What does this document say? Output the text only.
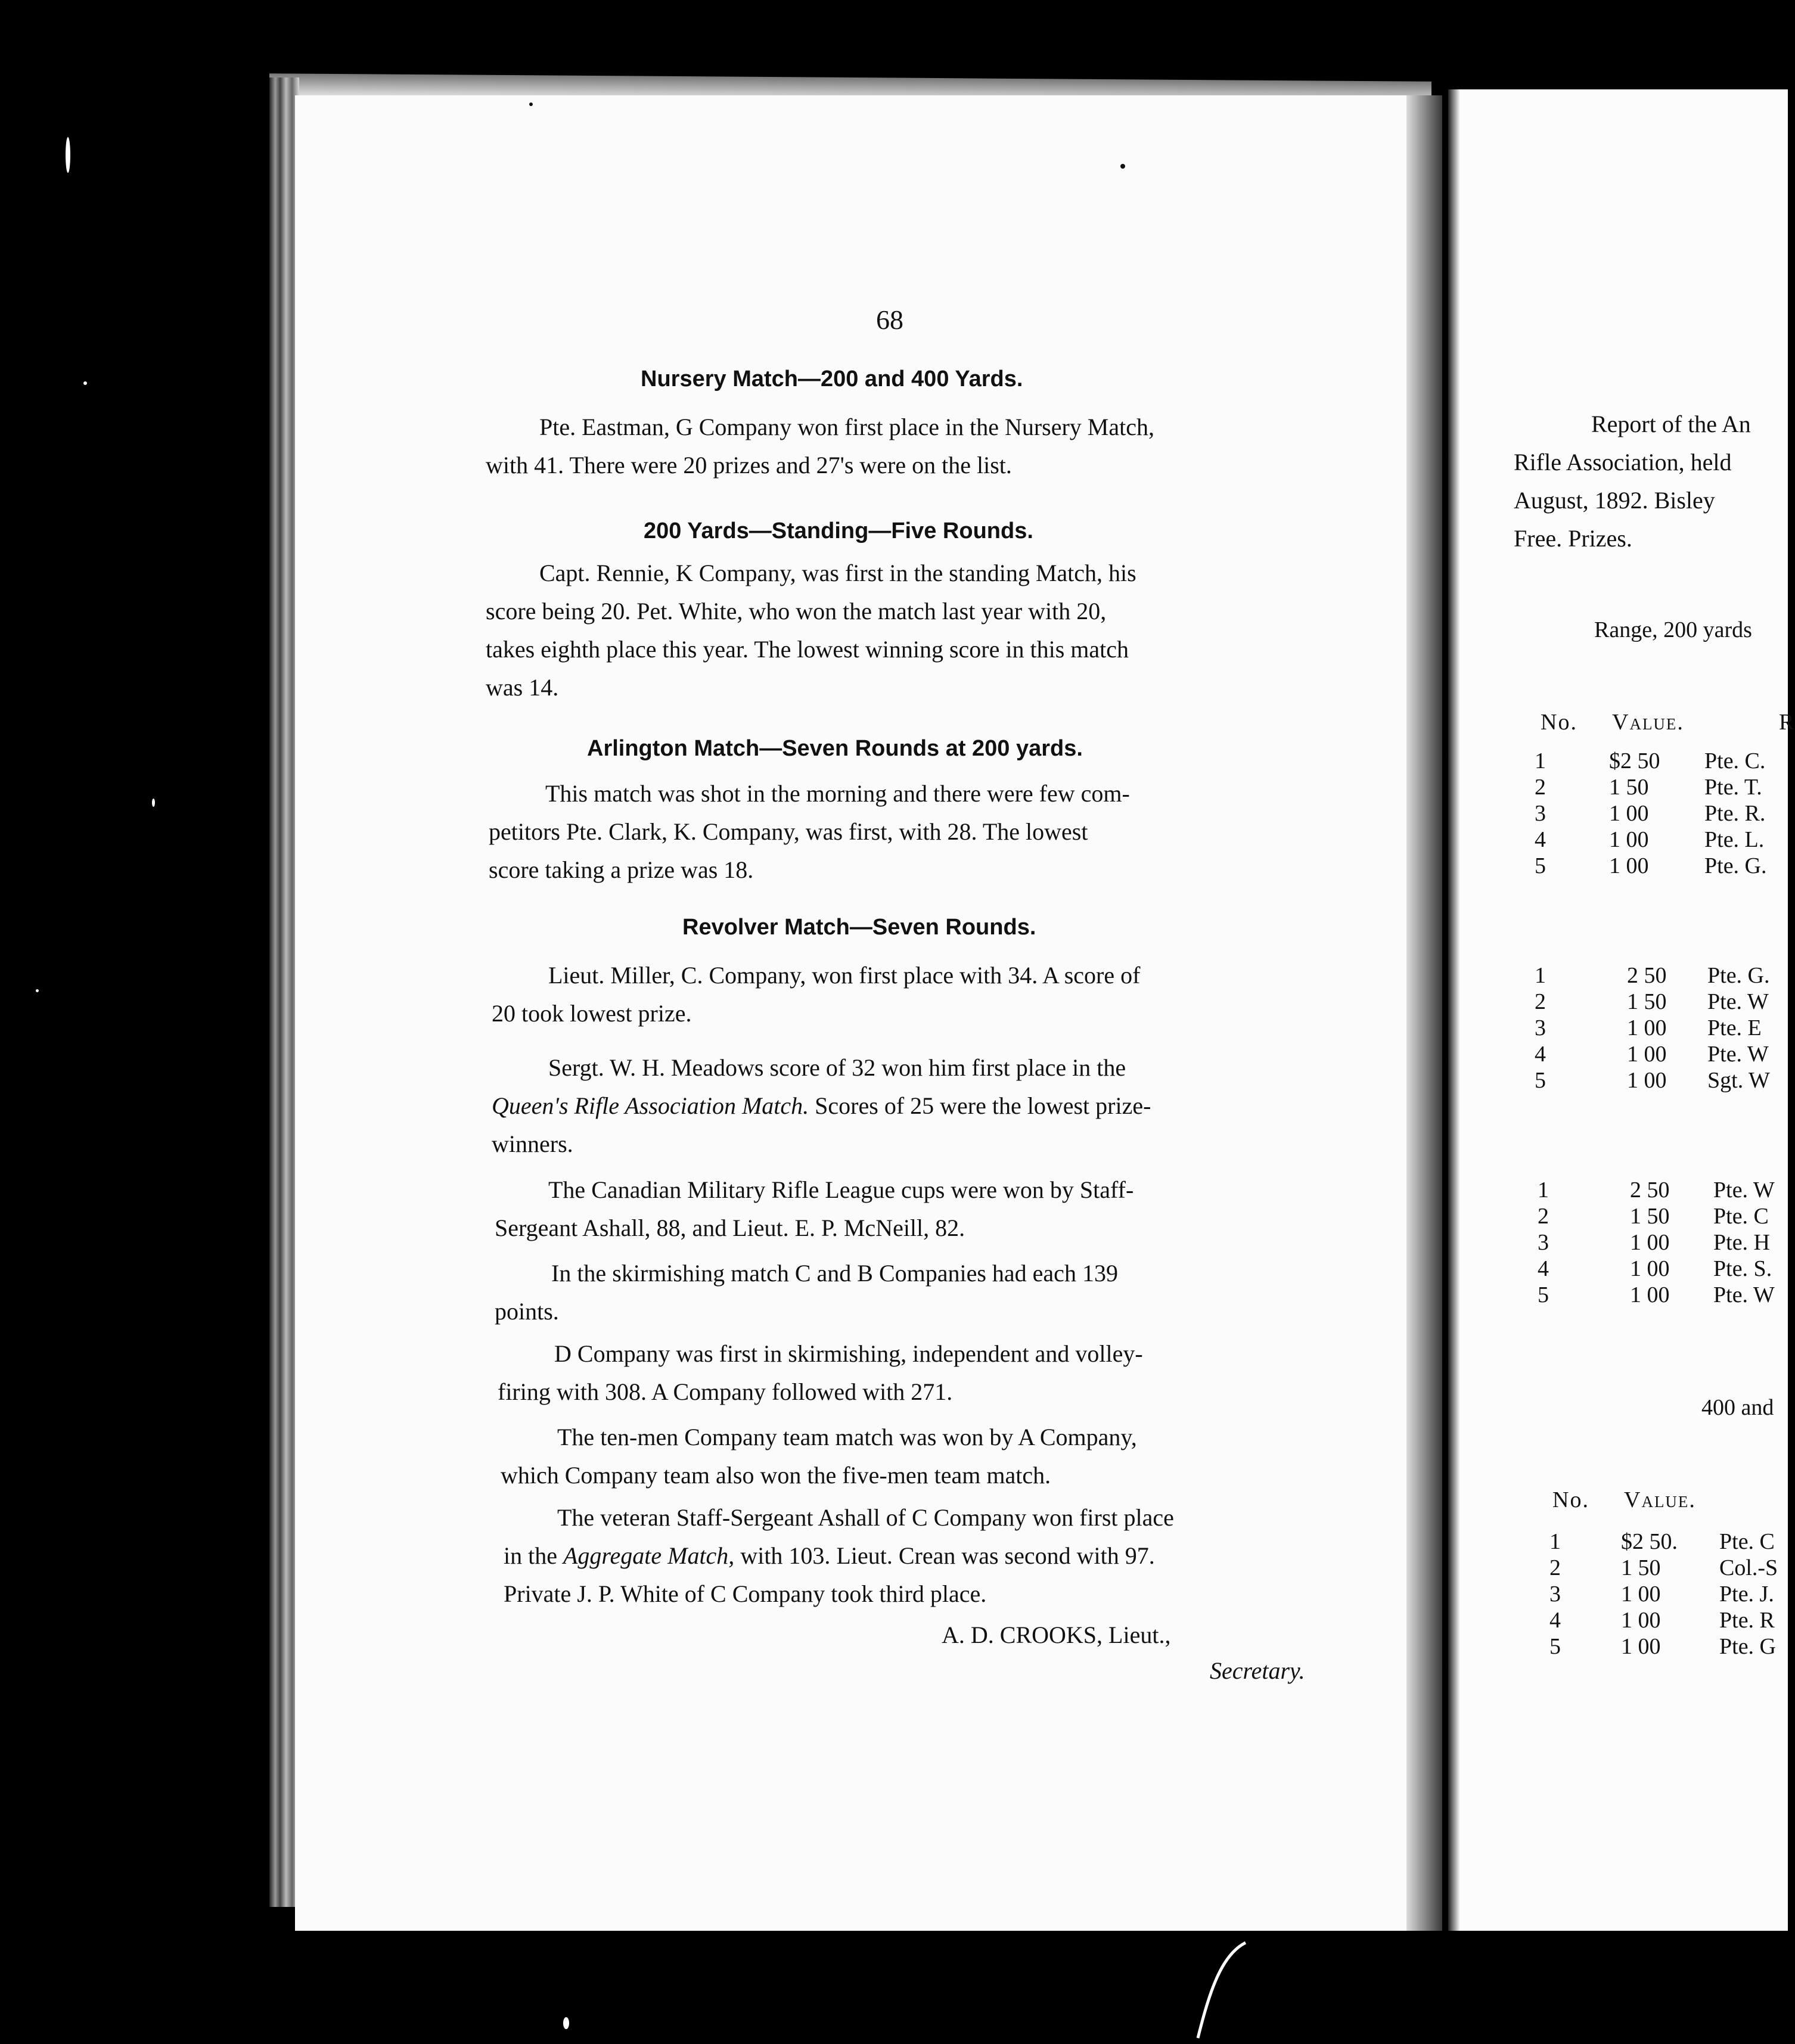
68
Nursery Match—200 and 400 Yards.
Pte. Eastman, G Company won first place in the Nursery Match,
with 41. There were 20 prizes and 27's were on the list.
200 Yards—Standing—Five Rounds.
Capt. Rennie, K Company, was first in the standing Match, his
score being 20. Pet. White, who won the match last year with 20,
takes eighth place this year. The lowest winning score in this match
was 14.
Arlington Match—Seven Rounds at 200 yards.
This match was shot in the morning and there were few com-
petitors Pte. Clark, K. Company, was first, with 28. The lowest
score taking a prize was 18.
Revolver Match—Seven Rounds.
Lieut. Miller, C. Company, won first place with 34. A score of
20 took lowest prize.
Sergt. W. H. Meadows score of 32 won him first place in the
Queen's Rifle Association Match. Scores of 25 were the lowest prize-
winners.
The Canadian Military Rifle League cups were won by Staff-
Sergeant Ashall, 88, and Lieut. E. P. McNeill, 82.
In the skirmishing match C and B Companies had each 139
points.
D Company was first in skirmishing, independent and volley-
firing with 308. A Company followed with 271.
The ten-men Company team match was won by A Company,
which Company team also won the five-men team match.
The veteran Staff-Sergeant Ashall of C Company won first place
in the Aggregate Match, with 103. Lieut. Crean was second with 97.
Private J. P. White of C Company took third place.
A. D. CROOKS, Lieut.,
Secretary.
Report of the An
Rifle Association, held
August, 1892. Bisley
Free. Prizes.
Range, 200 yards
No. Value.	R
1	$2 50 Pte. C.
2	1 50 Pte. T.
3	1 00 Pte. R.
4	1 00 Pte. L.
5	1 00 Pte. G.
1	2 50 Pte. G.
2	1 50 Pte. W
3	1 00 Pte. E
4	1 00 Pte. W
5	1 00 Sgt. W
1	2 50 Pte. W
2	1 50 Pte. C
3	1 00 Pte. H
4	1 00 Pte. S.
5	1 00 Pte. W
400 and
No. Value.
1	$2 50. Pte. C
2	1 50	Col.-S
3	1 00	Pte. J.
4	1 00	Pte. R
5	1 00	Pte. G
